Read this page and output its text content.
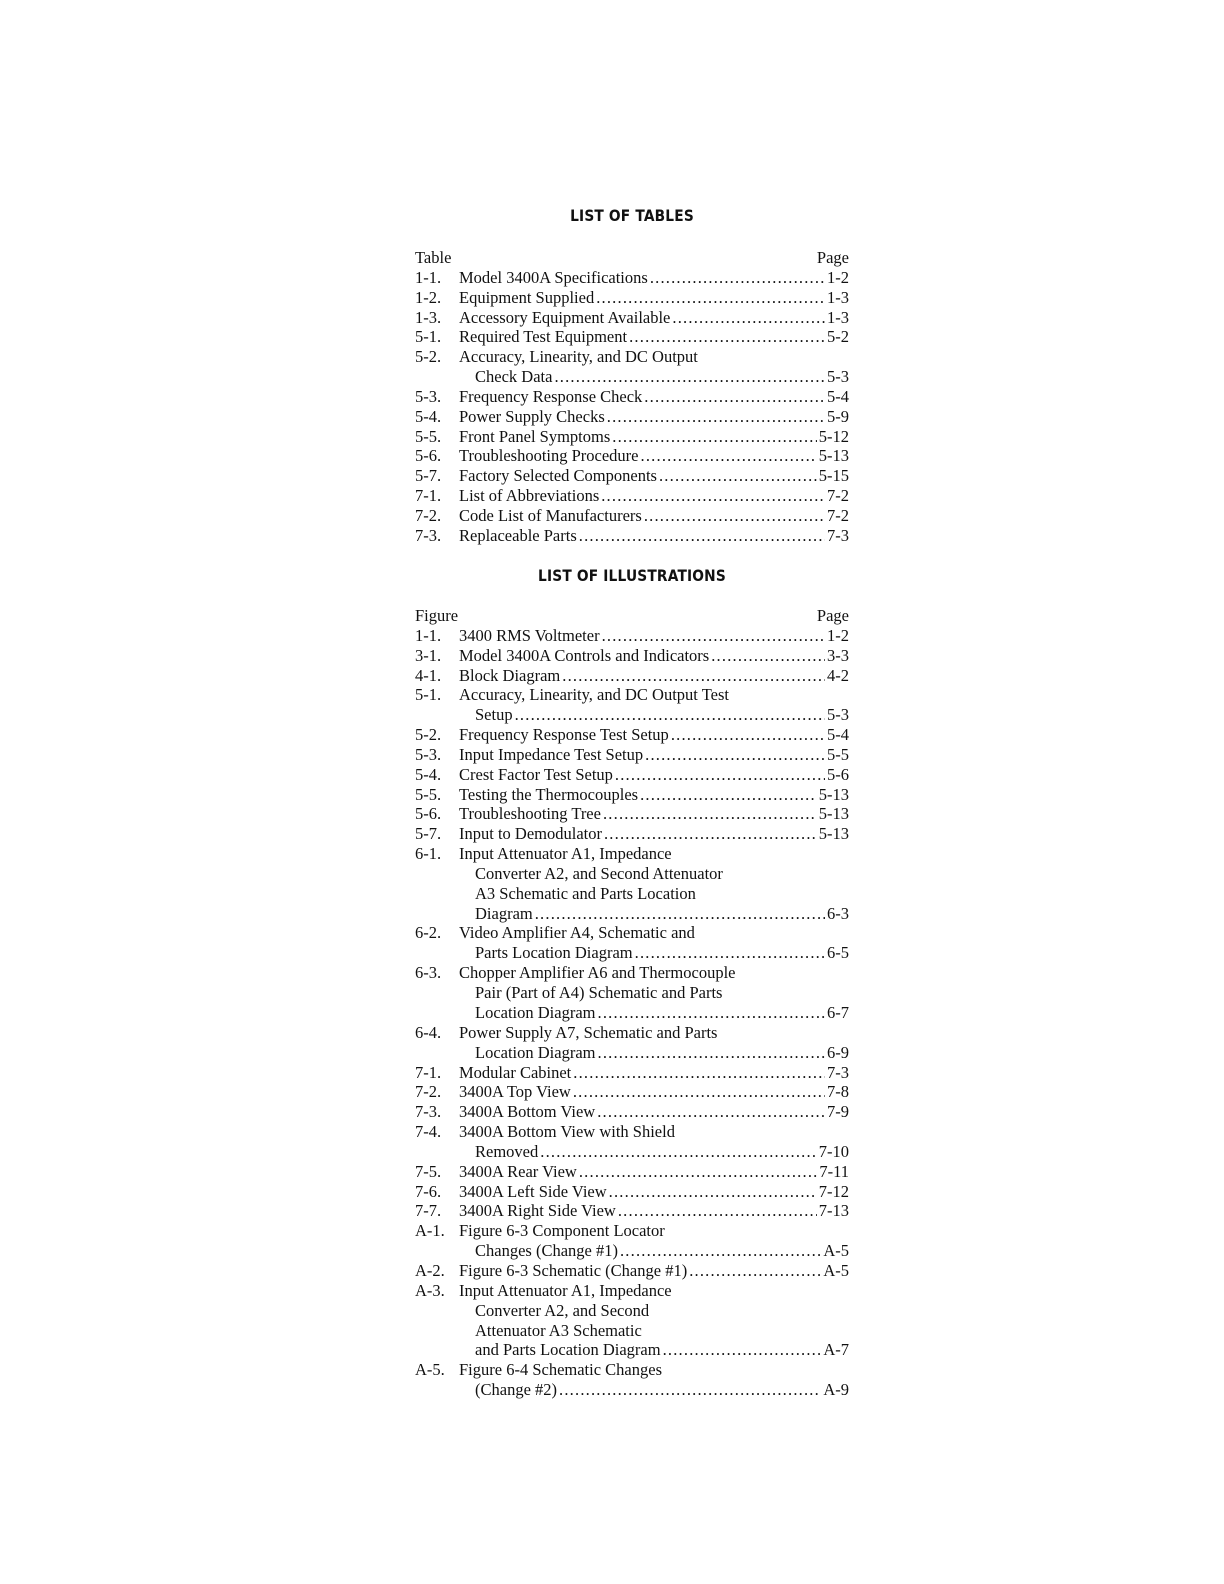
LIST OF TABLES
Table	Page
1-1.	Model 3400A Specifications .....	1-2
1-2.	Equipment Supplied .....	1-3
1-3.	Accessory Equipment Available .....	1-3
5-1.	Required Test Equipment .....	5-2
5-2.	Accuracy, Linearity, and DC Output
Check Data .....	5-3
5-3.	Frequency Response Check .....	5-4
5-4.	Power Supply Checks .....	5-9
5-5.	Front Panel Symptoms .....	5-12
5-6.	Troubleshooting Procedure .....	5-13
5-7.	Factory Selected Components .....	5-15
7-1.	List of Abbreviations .....	7-2
7-2.	Code List of Manufacturers .....	7-2
7-3.	Replaceable Parts .....	7-3
LIST OF ILLUSTRATIONS
Figure	Page
1-1.	3400 RMS Voltmeter .....	1-2
3-1.	Model 3400A Controls and Indicators .....	3-3
4-1.	Block Diagram .....	4-2
5-1.	Accuracy, Linearity, and DC Output Test
Setup .....	5-3
5-2.	Frequency Response Test Setup .....	5-4
5-3.	Input Impedance Test Setup .....	5-5
5-4.	Crest Factor Test Setup .....	5-6
5-5.	Testing the Thermocouples .....	5-13
5-6.	Troubleshooting Tree .....	5-13
5-7.	Input to Demodulator .....	5-13
6-1.	Input Attenuator A1, Impedance
Converter A2, and Second Attenuator
A3 Schematic and Parts Location
Diagram .....	6-3
6-2.	Video Amplifier A4, Schematic and
Parts Location Diagram .....	6-5
6-3.	Chopper Amplifier A6 and Thermocouple
Pair (Part of A4) Schematic and Parts
Location Diagram .....	6-7
6-4.	Power Supply A7, Schematic and Parts
Location Diagram .....	6-9
7-1.	Modular Cabinet .....	7-3
7-2.	3400A Top View .....	7-8
7-3.	3400A Bottom View .....	7-9
7-4.	3400A Bottom View with Shield
Removed .....	7-10
7-5.	3400A Rear View .....	7-11
7-6.	3400A Left Side View .....	7-12
7-7.	3400A Right Side View .....	7-13
A-1. Figure 6-3 Component Locator
Changes (Change #1) .....	A-5
A-2. Figure 6-3 Schematic (Change #1) .....	A-5
A-3. Input Attenuator A1, Impedance
Converter A2, and Second
Attenuator A3 Schematic
and Parts Location Diagram .....	A-7
A-5. Figure 6-4 Schematic Changes
(Change #2) .....	A-9
